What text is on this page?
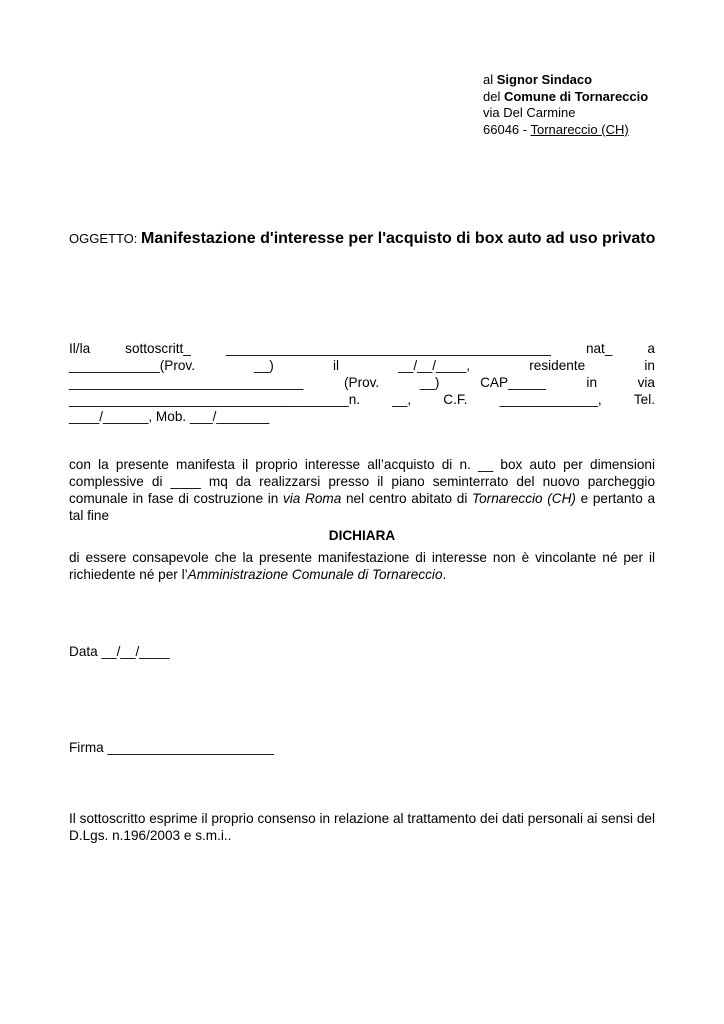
al Signor Sindaco
del Comune di Tornareccio
via Del Carmine
66046 - Tornareccio (CH)
OGGETTO: Manifestazione d'interesse per l'acquisto di box auto ad uso privato
Il/la	sottoscritt_	___________________________________________	nat_	a
____________(Prov.	__)	il	__/__/____,	residente	in
_______________________________	(Prov.	__)	CAP_____	in	via
_____________________________________n. __, C.F. _____________, Tel.
____/______, Mob. ___/_______
con la presente manifesta il proprio interesse all’acquisto di n. __ box auto per dimensioni complessive di ____ mq da realizzarsi presso il piano seminterrato del nuovo parcheggio comunale in fase di costruzione in via Roma nel centro abitato di Tornareccio (CH) e pertanto a tal fine
DICHIARA
di essere consapevole che la presente manifestazione di interesse non è vincolante né per il richiedente né per l’Amministrazione Comunale di Tornareccio.
Data __/__/____
Firma ______________________
Il sottoscritto esprime il proprio consenso in relazione al trattamento dei dati personali ai sensi del D.Lgs. n.196/2003 e s.m.i..
